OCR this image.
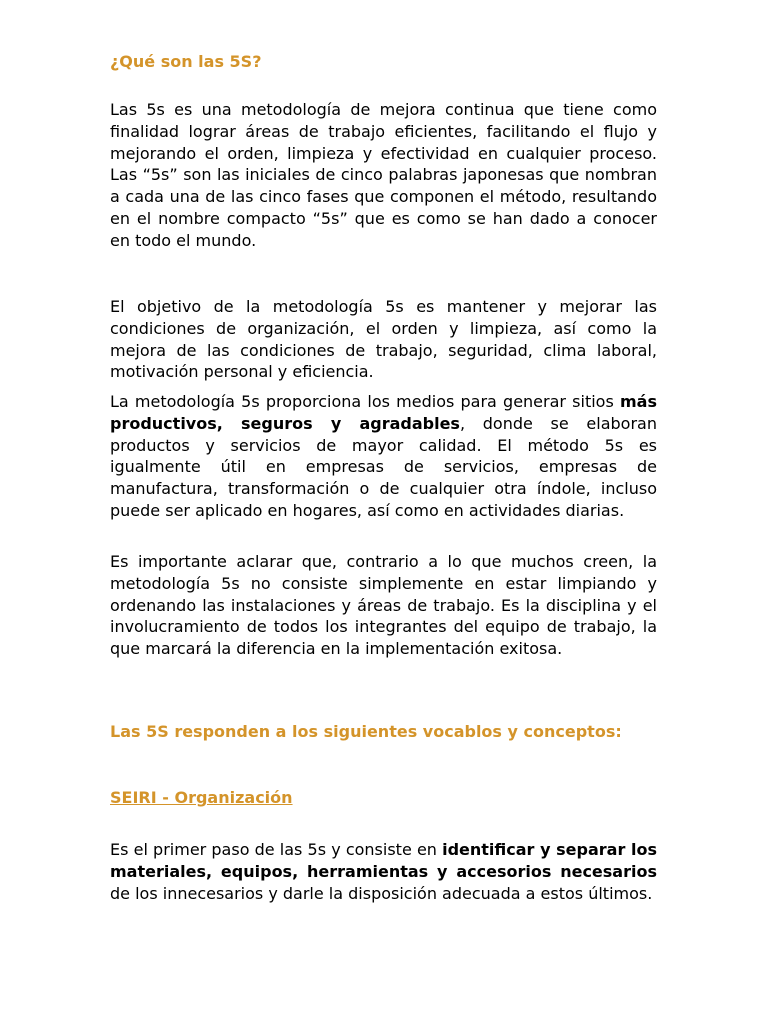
¿Qué son las 5S?

Las 5s es una metodología de mejora continua que tiene como finalidad lograr áreas de trabajo eficientes, facilitando el flujo y mejorando el orden, limpieza y efectividad en cualquier proceso. Las “5s” son las iniciales de cinco palabras japonesas que nombran a cada una de las cinco fases que componen el método, resultando en el nombre compacto “5s” que es como se han dado a conocer en todo el mundo.

El objetivo de la metodología 5s es mantener y mejorar las condiciones de organización, el orden y limpieza, así como la mejora de las condiciones de trabajo, seguridad, clima laboral, motivación personal y eficiencia.

La metodología 5s proporciona los medios para generar sitios más productivos, seguros y agradables, donde se elaboran productos y servicios de mayor calidad. El método 5s es igualmente útil en empresas de servicios, empresas de manufactura, transformación o de cualquier otra índole, incluso puede ser aplicado en hogares, así como en actividades diarias.

Es importante aclarar que, contrario a lo que muchos creen, la metodología 5s no consiste simplemente en estar limpiando y ordenando las instalaciones y áreas de trabajo. Es la disciplina y el involucramiento de todos los integrantes del equipo de trabajo, la que marcará la diferencia en la implementación exitosa.

Las 5S responden a los siguientes vocablos y conceptos:

SEIRI - Organización

Es el primer paso de las 5s y consiste en identificar y separar los materiales, equipos, herramientas y accesorios necesarios de los innecesarios y darle la disposición adecuada a estos últimos.
